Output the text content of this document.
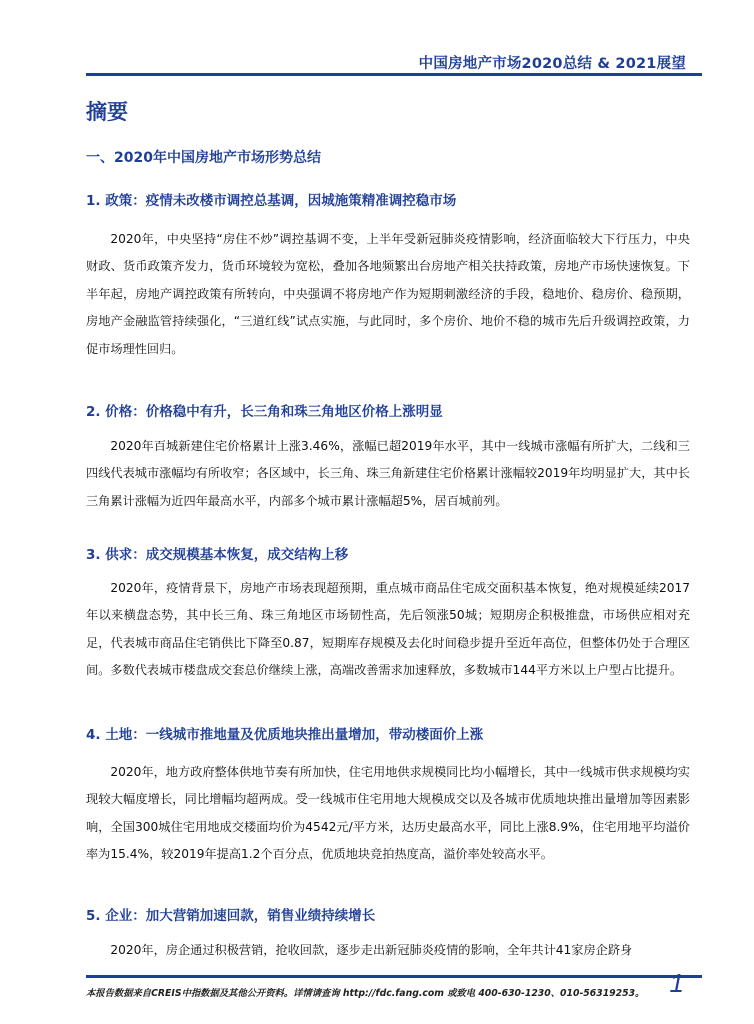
中国房地产市场2020总结 & 2021展望
摘要
一、2020年中国房地产市场形势总结
1. 政策：疫情未改楼市调控总基调，因城施策精准调控稳市场

2020年，中央坚持“房住不炒”调控基调不变，上半年受新冠肺炎疫情影响，经济面临较大下行压力，中央财政、货币政策齐发力，货币环境较为宽松，叠加各地频繁出台房地产相关扶持政策，房地产市场快速恢复。下半年起，房地产调控政策有所转向，中央强调不将房地产作为短期刺激经济的手段，稳地价、稳房价、稳预期，房地产金融监管持续强化，“三道红线”试点实施，与此同时，多个房价、地价不稳的城市先后升级调控政策，力促市场理性回归。

2. 价格：价格稳中有升，长三角和珠三角地区价格上涨明显

2020年百城新建住宅价格累计上涨3.46%，涨幅已超2019年水平，其中一线城市涨幅有所扩大，二线和三四线代表城市涨幅均有所收窄；各区域中，长三角、珠三角新建住宅价格累计涨幅较2019年均明显扩大，其中长三角累计涨幅为近四年最高水平，内部多个城市累计涨幅超5%，居百城前列。

3. 供求：成交规模基本恢复，成交结构上移

2020年，疫情背景下，房地产市场表现超预期，重点城市商品住宅成交面积基本恢复，绝对规模延续2017年以来横盘态势，其中长三角、珠三角地区市场韧性高，先后领涨50城；短期房企积极推盘，市场供应相对充足，代表城市商品住宅销供比下降至0.87，短期库存规模及去化时间稳步提升至近年高位，但整体仍处于合理区间。多数代表城市楼盘成交套总价继续上涨，高端改善需求加速释放，多数城市144平方米以上户型占比提升。

4. 土地：一线城市推地量及优质地块推出量增加，带动楼面价上涨

2020年，地方政府整体供地节奏有所加快，住宅用地供求规模同比均小幅增长，其中一线城市供求规模均实现较大幅度增长，同比增幅均超两成。受一线城市住宅用地大规模成交以及各城市优质地块推出量增加等因素影响，全国300城住宅用地成交楼面均价为4542元/平方米，达历史最高水平，同比上涨8.9%，住宅用地平均溢价率为15.4%，较2019年提高1.2个百分点，优质地块竞拍热度高，溢价率处较高水平。

5. 企业：加大营销加速回款，销售业绩持续增长

2020年，房企通过积极营销，抢收回款，逐步走出新冠肺炎疫情的影响，全年共计41家房企跻身

本报告数据来自CREIS中指数据及其他公开资料。详情请查询 http://fdc.fang.com 或致电 400-630-1230、010-56319253。 1
